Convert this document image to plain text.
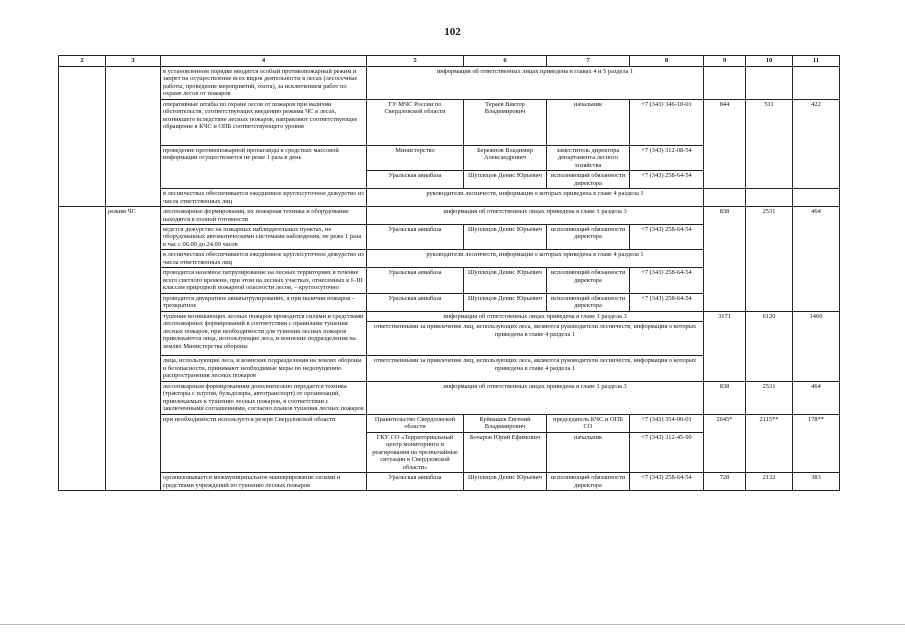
102
2	3	4	5	6	7	8	9	10	11
		в установленном порядке вводится особый противопожарный режим и запрет на осуществление всех видов деятельности в лесах (лесосечные работы, проведение мероприятий, охота), за исключением работ по охране лесов от пожаров	информация об ответственных лицах приведена в главах 4 и 5 раздела 1						
		оперативные штабы по охране лесов от пожаров при наличии обстоятельств, соответствующих введению режима ЧС в лесах, возникшего вследствие лесных пожаров, направляют соответствующее обращение в КЧС и ОПБ соответствующего уровня	ГУ МЧС России по Свердловской области	Тераев Виктор Владимирович	начальник	+7 (343) 346-10-01	844	511	422
		проведение противопожарной пропаганды в средствах массовой информации осуществляется не реже 1 раза в день	Министерство	Бережнов Владимир Александрович	заместитель директора департамента лесного хозяйства	+7 (343) 312-08-54			
			Уральская авиабаза	Шуплецов Денис Юрьевич	исполняющий обязанности директора	+7 (343) 258-64-54			
		в лесничествах обеспечивается ежедневное круглосуточное дежурство из числа ответственных лиц	руководители лесничеств, информация о которых приведена в главе 4 раздела 1						
	режим ЧС	лесопожарные формирования, их пожарная техника и оборудование находятся в полной готовности	информация об ответственных лицах приведена в главе 1 раздела 3				838	2531	464
		ведется дежурство на пожарных наблюдательных пунктах, не оборудованных автоматическими системами наблюдения, не реже 1 раза в час с 06.00 до 24.00 часов	Уральская авиабаза	Шуплецов Денис Юрьевич	исполняющий обязанности директора	+7 (343) 258-64-54			
		в лесничествах обеспечивается ежедневное круглосуточное дежурство из числа ответственных лиц	руководители лесничеств, информация о которых приведена в главе 4 раздела 1						
		проводится наземное патрулирование на лесных территориях в течение всего светлого времени, при этом на лесных участках, отнесенных к I–III классам природной пожарной опасности лесов, – круглосуточно	Уральская авиабаза	Шуплецов Денис Юрьевич	исполняющий обязанности директора	+7 (343) 258-64-54			
		проводится двукратное авиапатрулирование, а при наличии пожаров – трехкратное	Уральская авиабаза	Шуплецов Денис Юрьевич	исполняющий обязанности директора	+7 (343) 258-64-54			
		тушение возникающих лесных пожаров проводится силами и средствами лесопожарных формирований в соответствии с правилами тушения лесных пожаров, при необходимости для тушения лесных пожаров привлекаются лица, использующие леса, и воинские подразделения на землях Министерства обороны	информация об ответственных лицах приведена в главе 1 раздела 3				3171	6120	1460
			ответственными за привлечение лиц, использующих леса, являются руководители лесничеств, информация о которых приведена в главе 4 раздела 1						
		лица, использующие леса, и воинские подразделения на землях обороны и безопасности, принимают необходимые меры по недопущению распространения лесных пожаров	ответственными за привлечение лиц, использующих леса, являются руководители лесничеств, информация о которых приведена в главе 4 раздела 1						
		лесопожарным формированиям дополнительно передается техника (тракторы с плугом, бульдозеры, автотранспорт) от организаций, привлекаемых к тушению лесных пожаров, в соответствии с заключенными соглашениями, согласно планов тушения лесных пожаров	информация об ответственных лицах приведена в главе 1 раздела 3				838	2531	464
		при необходимости используется резерв Свердловской области	Правительство Свердловской области	Куйвашев Евгений Владимирович	председатель КЧС и ОПБ СО	+7 (343) 354-00-01	2645*	2115**	178**
			ГКУ СО «Территориальный центр мониторинга и реагирования на чрезвычайные ситуации в Свердловской области»	Бочаров Юрий Ефимович	начальник	+7 (343) 312-45-90			
		организовывается межмуниципальное маневрирование силами и средствами учреждений по тушению лесных пожаров	Уральская авиабаза	Шуплецов Денис Юрьевич	исполняющий обязанности директора	+7 (343) 258-64-54	728	2132	383
